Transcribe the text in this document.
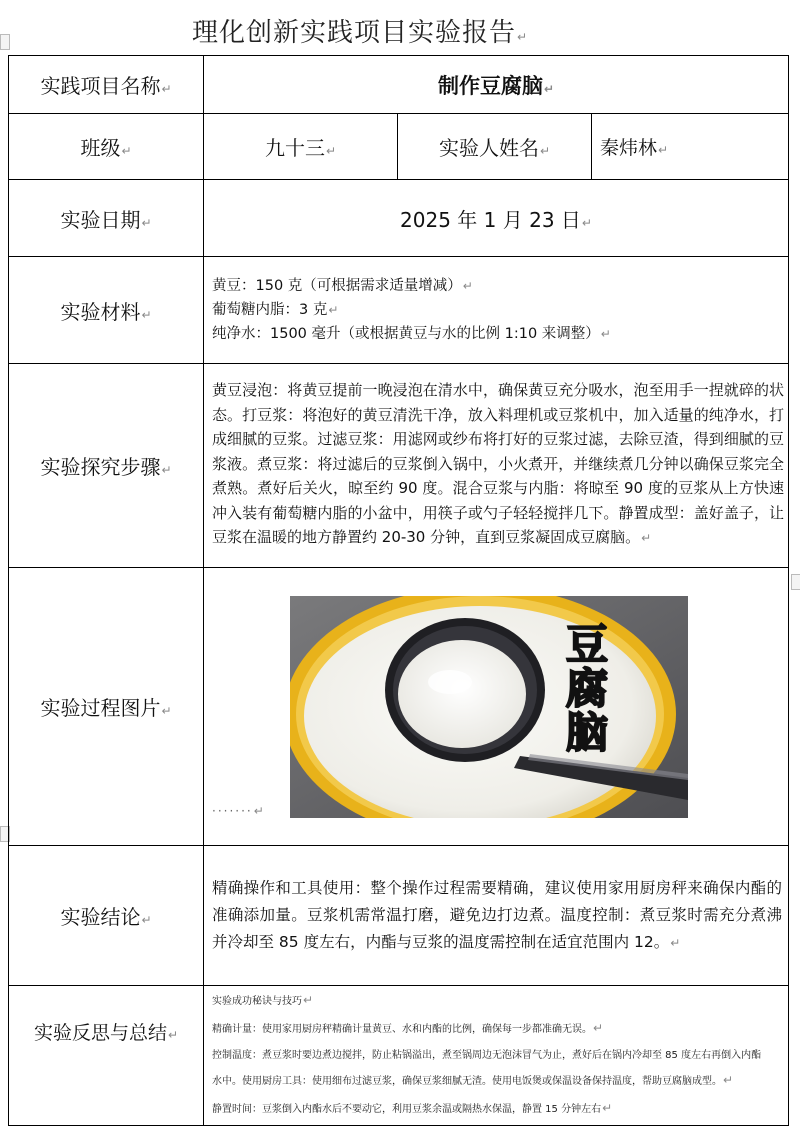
理化创新实践项目实验报告↵
实践项目名称↵	制作豆腐脑↵		
班级↵	九十三↵	实验人姓名↵	秦炜林↵
实验日期↵	2025 年 1 月 23 日↵		
实验材料↵	黄豆：150 克（可根据需求适量增减）↵

葡萄糖内脂：3 克↵

纯净水：1500 毫升（或根据黄豆与水的比例 1:10 来调整）↵		

实验探究步骤↵	黄豆浸泡：将黄豆提前一晚浸泡在清水中，确保黄豆充分吸水，泡至用手一捏就碎的状态。打豆浆：将泡好的黄豆清洗干净，放入料理机或豆浆机中，加入适量的纯净水，打成细腻的豆浆。过滤豆浆：用滤网或纱布将打好的豆浆过滤，去除豆渣，得到细腻的豆浆液。煮豆浆：将过滤后的豆浆倒入锅中，小火煮开，并继续煮几分钟以确保豆浆完全煮熟。煮好后关火，晾至约 90 度。混合豆浆与内脂：将晾至 90 度的豆浆从上方快速冲入装有葡萄糖内脂的小盆中，用筷子或勺子轻轻搅拌几下。静置成型：盖好盖子，让豆浆在温暖的地方静置约 20-30 分钟，直到豆浆凝固成豆腐脑。↵		
实验过程图片↵	豆腐脑
·······↵		

实验结论↵	精确操作和工具使用：整个操作过程需要精确，建议使用家用厨房秤来确保内酯的准确添加量。豆浆机需常温打磨，避免边打边煮。温度控制：煮豆浆时需充分煮沸并冷却至 85 度左右，内酯与豆浆的温度需控制在适宜范围内 12。↵		
实验反思与总结↵	实验成功秘诀与技巧↵

精确计量：使用家用厨房秤精确计量黄豆、水和内酯的比例，确保每一步都准确无误。↵

控制温度：煮豆浆时要边煮边搅拌，防止粘锅溢出，煮至锅周边无泡沫冒气为止，煮好后在锅内冷却至 85 度左右再倒入内酯

水中。使用厨房工具：使用细布过滤豆浆，确保豆浆细腻无渣。使用电饭煲或保温设备保持温度，帮助豆腐脑成型。↵

静置时间：豆浆倒入内酯水后不要动它，利用豆浆余温或隔热水保温，静置 15 分钟左右↵		
